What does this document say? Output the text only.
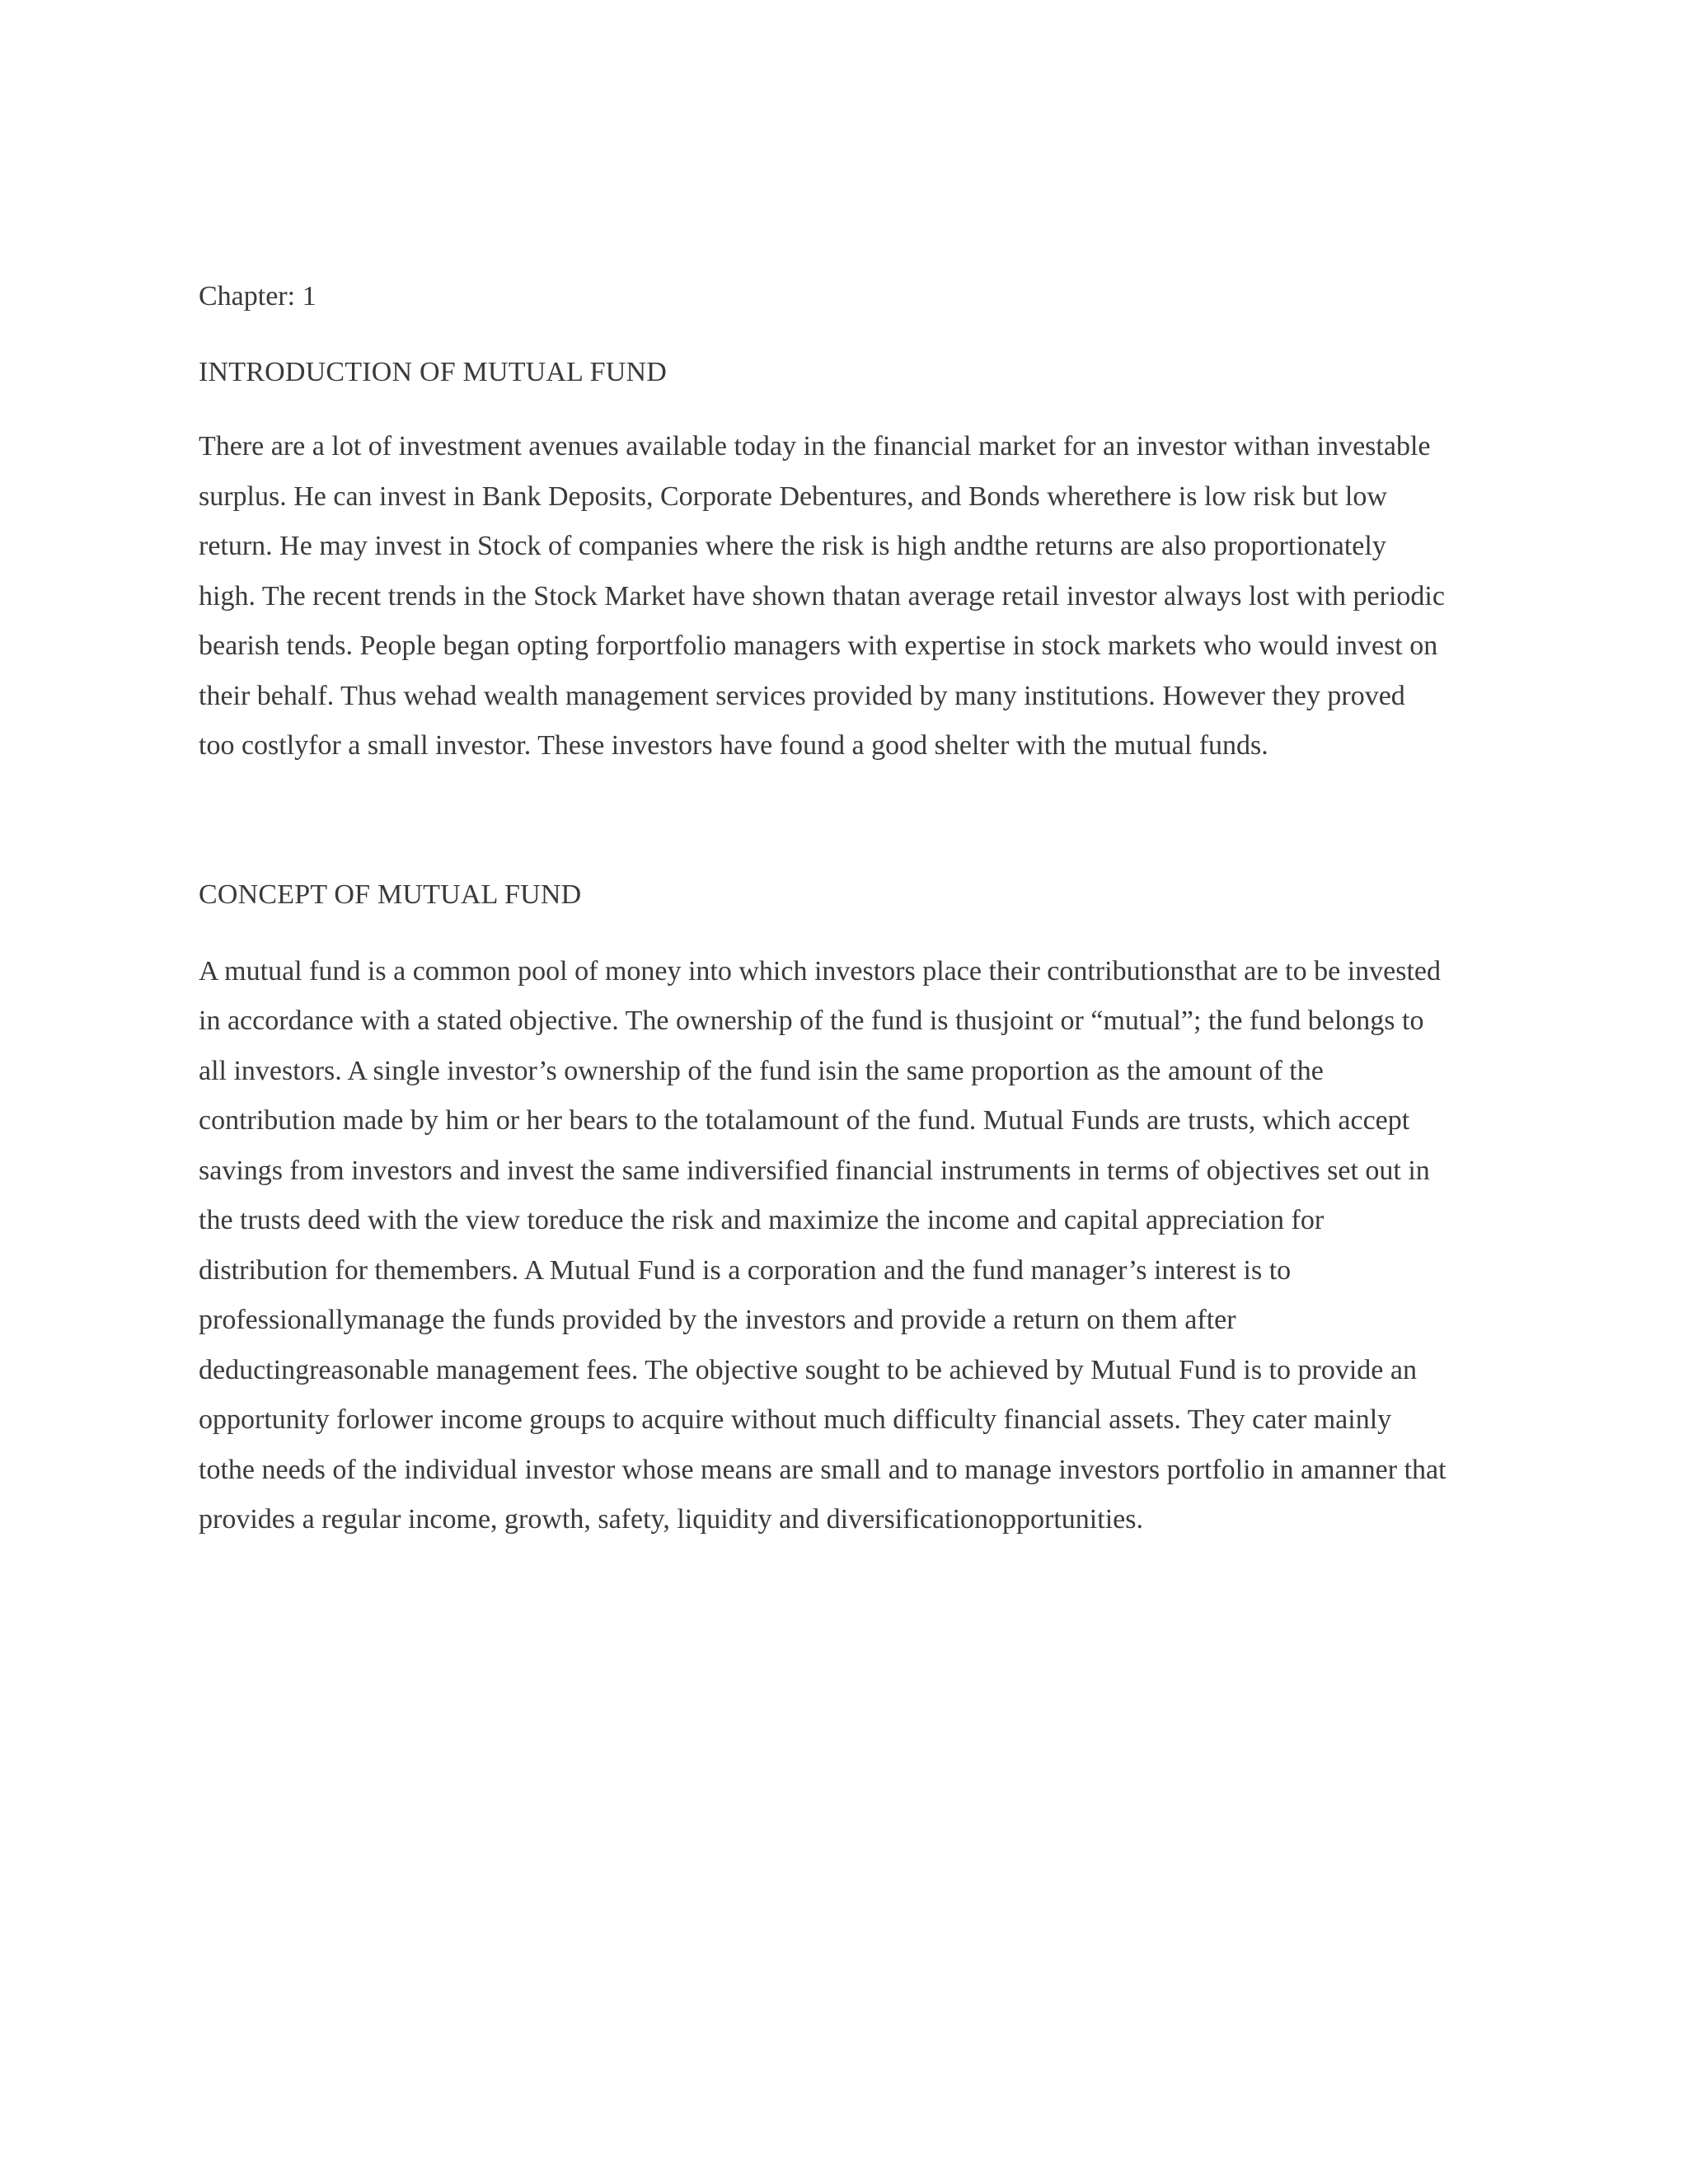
Chapter: 1

INTRODUCTION OF MUTUAL FUND

There are a lot of investment avenues available today in the financial market for an investor withan investable
surplus. He can invest in Bank Deposits, Corporate Debentures, and Bonds wherethere is low risk but low
return. He may invest in Stock of companies where the risk is high andthe returns are also proportionately
high. The recent trends in the Stock Market have shown thatan average retail investor always lost with periodic
bearish tends. People began opting forportfolio managers with expertise in stock markets who would invest on
their behalf. Thus wehad wealth management services provided by many institutions. However they proved
too costlyfor a small investor. These investors have found a good shelter with the mutual funds.

CONCEPT OF MUTUAL FUND

A mutual fund is a common pool of money into which investors place their contributionsthat are to be invested
in accordance with a stated objective. The ownership of the fund is thusjoint or “mutual”; the fund belongs to
all investors. A single investor’s ownership of the fund isin the same proportion as the amount of the
contribution made by him or her bears to the totalamount of the fund. Mutual Funds are trusts, which accept
savings from investors and invest the same indiversified financial instruments in terms of objectives set out in
the trusts deed with the view toreduce the risk and maximize the income and capital appreciation for
distribution for themembers. A Mutual Fund is a corporation and the fund manager’s interest is to
professionallymanage the funds provided by the investors and provide a return on them after
deductingreasonable management fees. The objective sought to be achieved by Mutual Fund is to provide an
opportunity forlower income groups to acquire without much difficulty financial assets. They cater mainly
tothe needs of the individual investor whose means are small and to manage investors portfolio in amanner that
provides a regular income, growth, safety, liquidity and diversificationopportunities.
